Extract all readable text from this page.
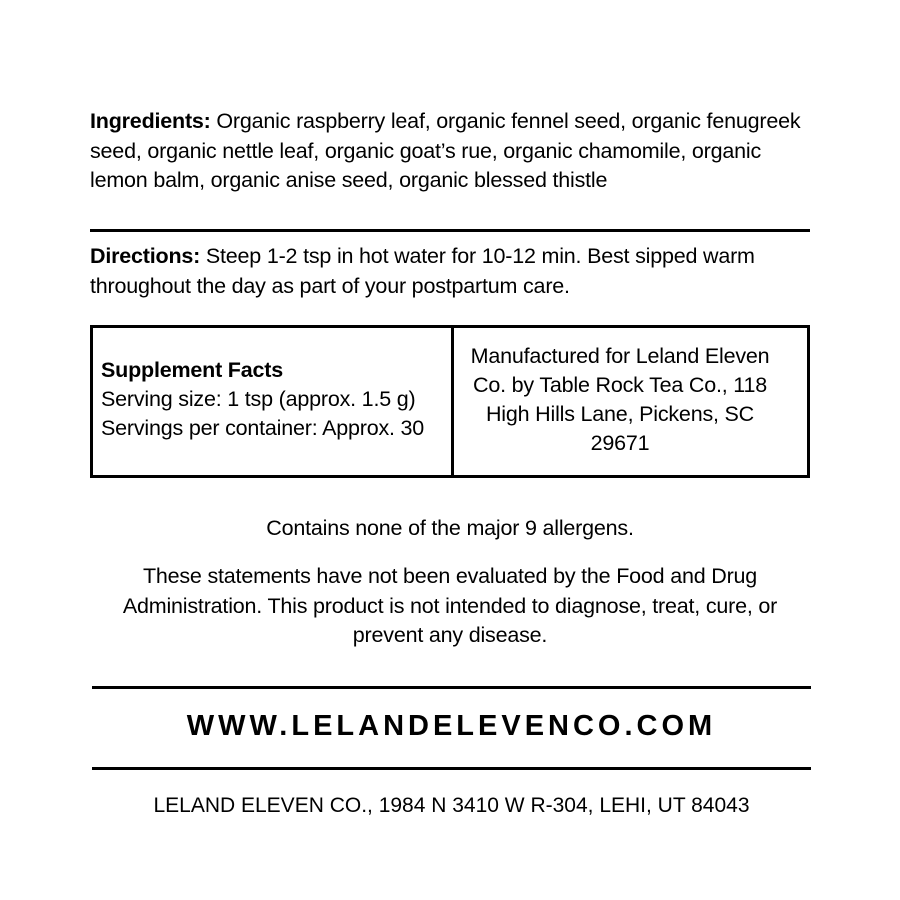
Ingredients: Organic raspberry leaf, organic fennel seed, organic fenugreek seed, organic nettle leaf, organic goat’s rue, organic chamomile, organic lemon balm, organic anise seed, organic blessed thistle
Directions: Steep 1-2 tsp in hot water for 10-12 min. Best sipped warm throughout the day as part of your postpartum care.
Supplement Facts
Serving size: 1 tsp (approx. 1.5 g)
Servings per container: Approx. 30
Manufactured for Leland Eleven Co. by Table Rock Tea Co., 118 High Hills Lane, Pickens, SC 29671
Contains none of the major 9 allergens.
These statements have not been evaluated by the Food and Drug Administration. This product is not intended to diagnose, treat, cure, or prevent any disease.
WWW.LELANDELEVENCO.COM
LELAND ELEVEN CO., 1984 N 3410 W R-304, LEHI, UT 84043
